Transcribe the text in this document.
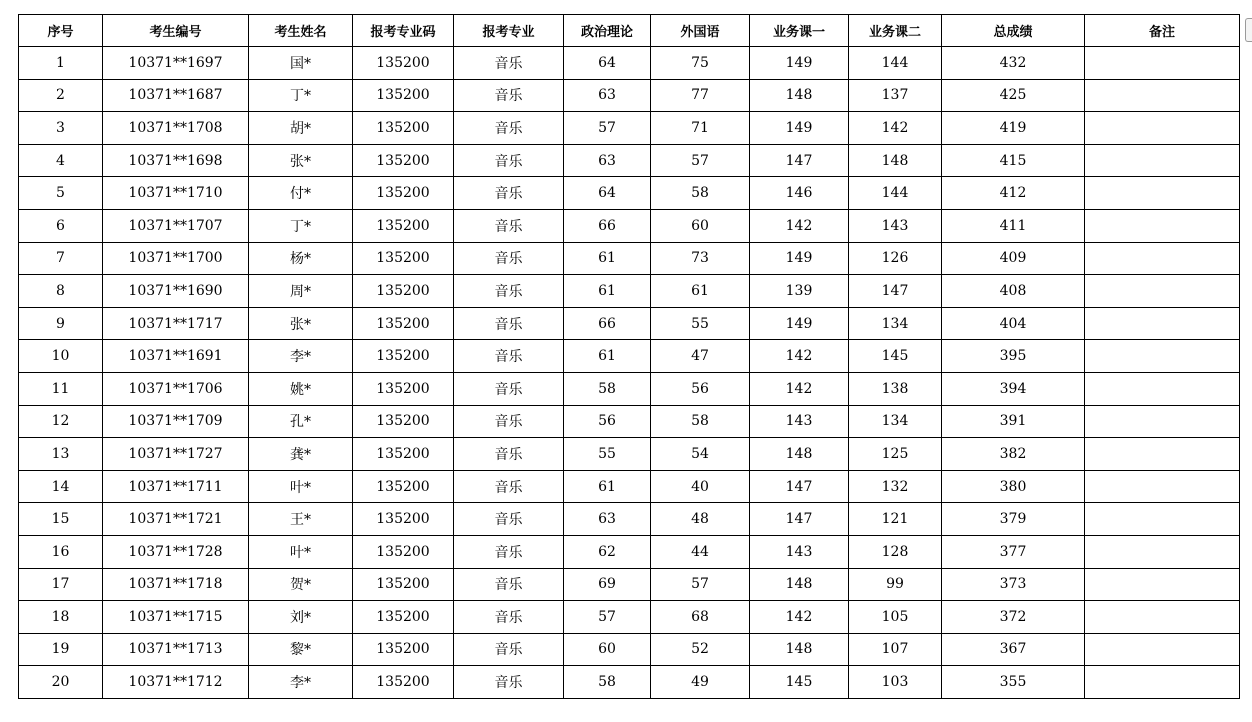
序号	考生编号	考生姓名	报考专业码	报考专业	政治理论	外国语	业务课一	业务课二	总成绩	备注
1	10371**1697	国*	135200	音乐	64	75	149	144	432	
2	10371**1687	丁*	135200	音乐	63	77	148	137	425	
3	10371**1708	胡*	135200	音乐	57	71	149	142	419	
4	10371**1698	张*	135200	音乐	63	57	147	148	415	
5	10371**1710	付*	135200	音乐	64	58	146	144	412	
6	10371**1707	丁*	135200	音乐	66	60	142	143	411	
7	10371**1700	杨*	135200	音乐	61	73	149	126	409	
8	10371**1690	周*	135200	音乐	61	61	139	147	408	
9	10371**1717	张*	135200	音乐	66	55	149	134	404	
10	10371**1691	李*	135200	音乐	61	47	142	145	395	
11	10371**1706	姚*	135200	音乐	58	56	142	138	394	
12	10371**1709	孔*	135200	音乐	56	58	143	134	391	
13	10371**1727	龚*	135200	音乐	55	54	148	125	382	
14	10371**1711	叶*	135200	音乐	61	40	147	132	380	
15	10371**1721	王*	135200	音乐	63	48	147	121	379	
16	10371**1728	叶*	135200	音乐	62	44	143	128	377	
17	10371**1718	贺*	135200	音乐	69	57	148	99	373	
18	10371**1715	刘*	135200	音乐	57	68	142	105	372	
19	10371**1713	黎*	135200	音乐	60	52	148	107	367	
20	10371**1712	李*	135200	音乐	58	49	145	103	355	
